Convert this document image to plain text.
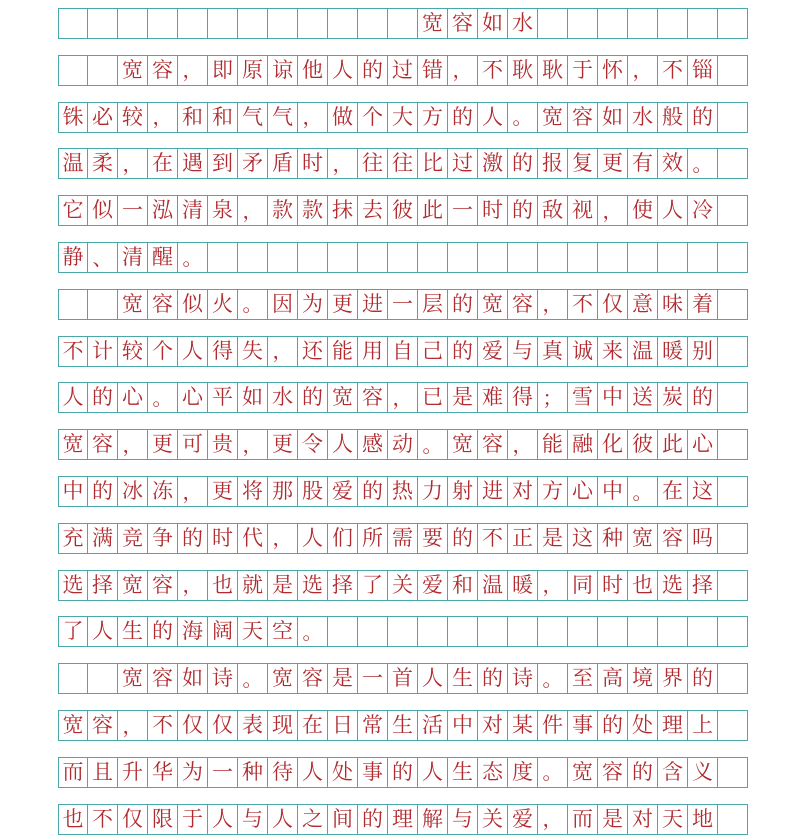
宽 容 如 水
宽 容 ， 即 原 谅 他 人 的 过 错 ， 不 耿 耿 于 怀 ， 不 锱
铢 必 较 ， 和 和 气 气 ， 做 个 大 方 的 人 。 宽 容 如 水 般 的
温 柔 ， 在 遇 到 矛 盾 时 ， 往 往 比 过 激 的 报 复 更 有 效 。
它 似 一 泓 清 泉 ， 款 款 抹 去 彼 此 一 时 的 敌 视 ， 使 人 冷
静 、 清 醒 。
宽 容 似 火 。 因 为 更 进 一 层 的 宽 容 ， 不 仅 意 味 着
不 计 较 个 人 得 失 ， 还 能 用 自 己 的 爱 与 真 诚 来 温 暖 别
人 的 心 。 心 平 如 水 的 宽 容 ， 已 是 难 得 ； 雪 中 送 炭 的
宽 容 ， 更 可 贵 ， 更 令 人 感 动 。 宽 容 ， 能 融 化 彼 此 心
中 的 冰 冻 ， 更 将 那 股 爱 的 热 力 射 进 对 方 心 中 。 在 这
充 满 竞 争 的 时 代 ， 人 们 所 需 要 的 不 正 是 这 种 宽 容 吗
选 择 宽 容 ， 也 就 是 选 择 了 关 爱 和 温 暖 ， 同 时 也 选 择
了 人 生 的 海 阔 天 空 。
宽 容 如 诗 。 宽 容 是 一 首 人 生 的 诗 。 至 高 境 界 的
宽 容 ， 不 仅 仅 表 现 在 日 常 生 活 中 对 某 件 事 的 处 理 上
而 且 升 华 为 一 种 待 人 处 事 的 人 生 态 度 。 宽 容 的 含 义
也 不 仅 限 于 人 与 人 之 间 的 理 解 与 关 爱 ， 而 是 对 天 地
